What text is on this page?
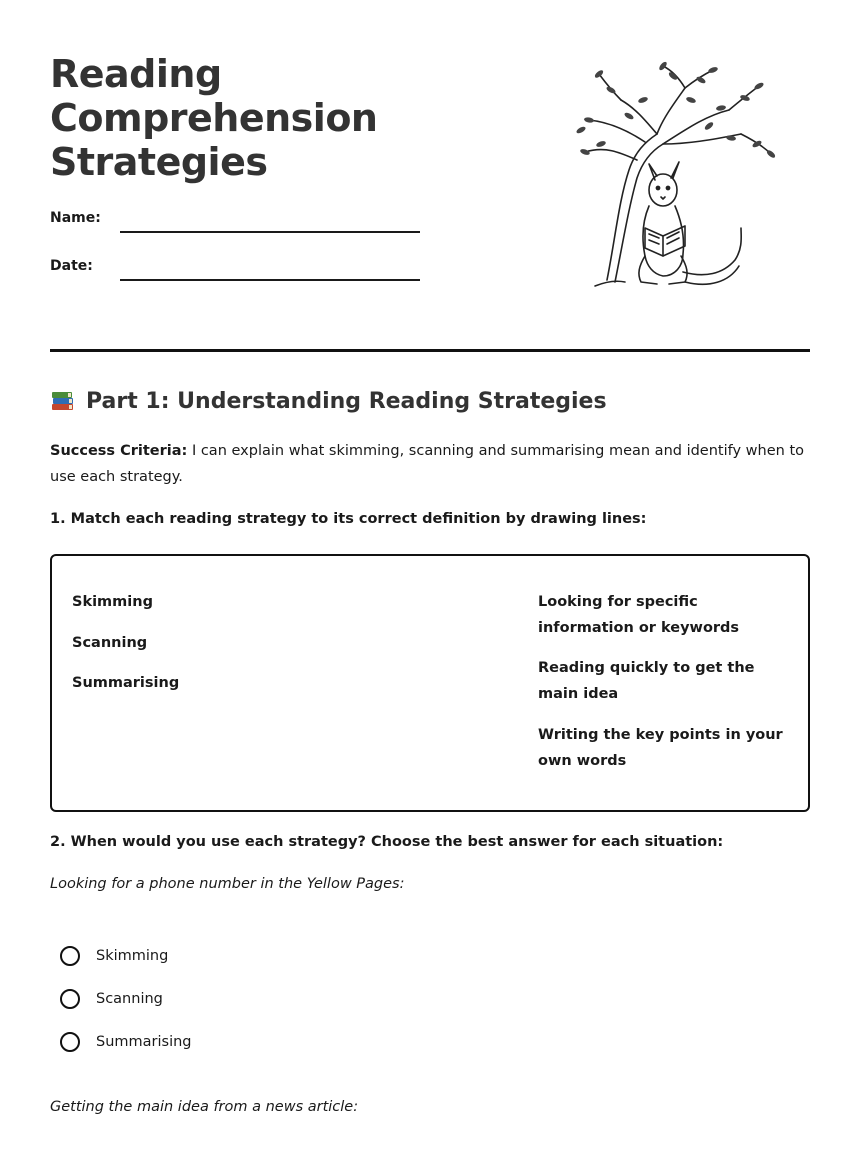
Reading Comprehension Strategies
Name:
Date:
Part 1: Understanding Reading Strategies

Success Criteria: I can explain what skimming, scanning and summarising mean and identify when to use each strategy.

1. Match each reading strategy to its correct definition by drawing lines:

Skimming
Scanning
Summarising
Looking for specific information or keywords
Reading quickly to get the main idea
Writing the key points in your own words

2. When would you use each strategy? Choose the best answer for each situation:

Looking for a phone number in the Yellow Pages:

Skimming
Scanning
Summarising

Getting the main idea from a news article:
